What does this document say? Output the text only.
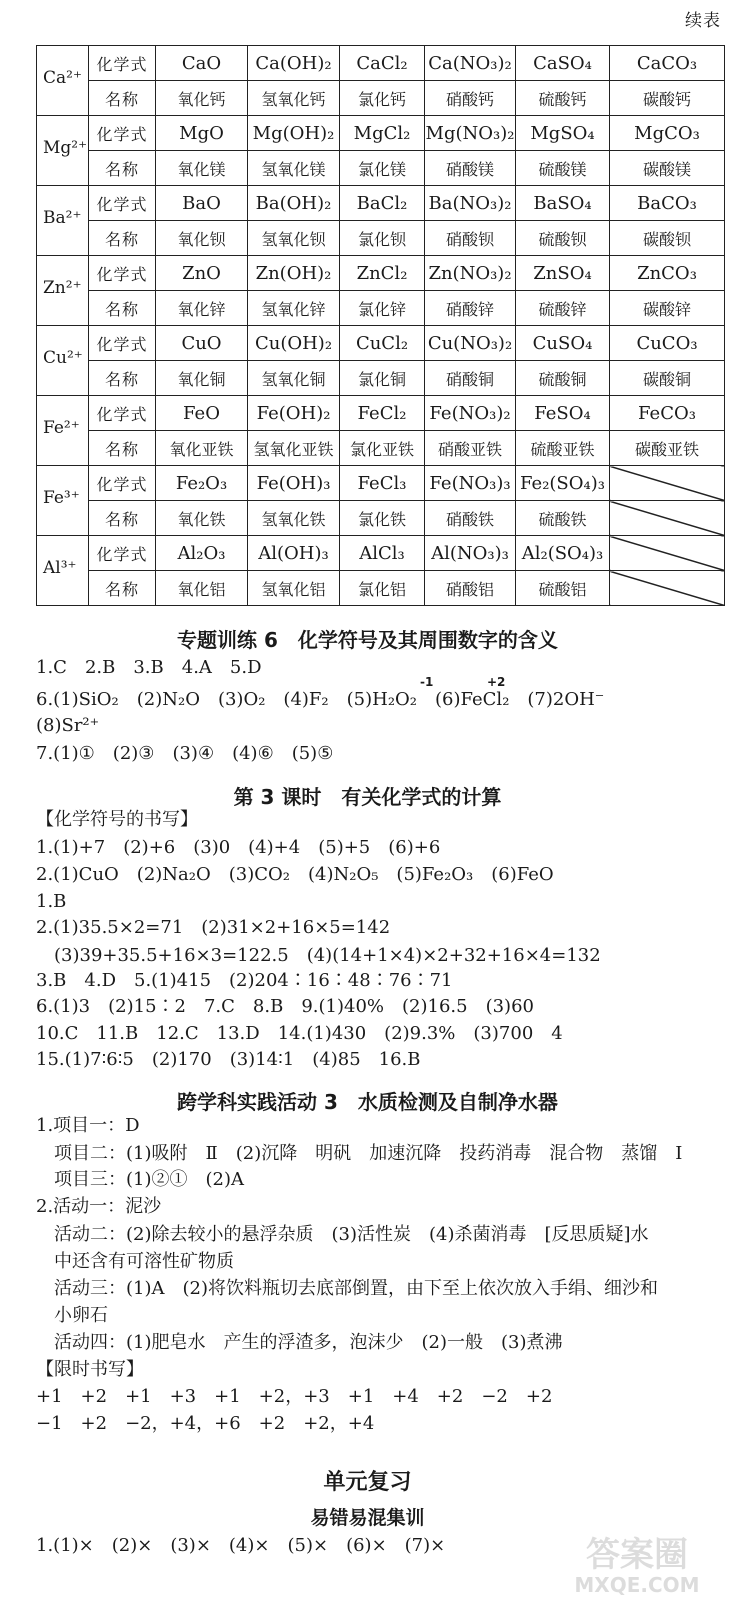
续表
Ca²⁺	化学式	CaO	Ca(OH)₂	CaCl₂	Ca(NO₃)₂	CaSO₄	CaCO₃
	名称	氧化钙	氢氧化钙	氯化钙	硝酸钙	硫酸钙	碳酸钙
Mg²⁺	化学式	MgO	Mg(OH)₂	MgCl₂	Mg(NO₃)₂	MgSO₄	MgCO₃
	名称	氧化镁	氢氧化镁	氯化镁	硝酸镁	硫酸镁	碳酸镁
Ba²⁺	化学式	BaO	Ba(OH)₂	BaCl₂	Ba(NO₃)₂	BaSO₄	BaCO₃
	名称	氧化钡	氢氧化钡	氯化钡	硝酸钡	硫酸钡	碳酸钡
Zn²⁺	化学式	ZnO	Zn(OH)₂	ZnCl₂	Zn(NO₃)₂	ZnSO₄	ZnCO₃
	名称	氧化锌	氢氧化锌	氯化锌	硝酸锌	硫酸锌	碳酸锌
Cu²⁺	化学式	CuO	Cu(OH)₂	CuCl₂	Cu(NO₃)₂	CuSO₄	CuCO₃
	名称	氧化铜	氢氧化铜	氯化铜	硝酸铜	硫酸铜	碳酸铜
Fe²⁺	化学式	FeO	Fe(OH)₂	FeCl₂	Fe(NO₃)₂	FeSO₄	FeCO₃
	名称	氧化亚铁	氢氧化亚铁	氯化亚铁	硝酸亚铁	硫酸亚铁	碳酸亚铁
Fe³⁺	化学式	Fe₂O₃	Fe(OH)₃	FeCl₃	Fe(NO₃)₃	Fe₂(SO₄)₃	
	名称	氧化铁	氢氧化铁	氯化铁	硝酸铁	硫酸铁	
Al³⁺	化学式	Al₂O₃	Al(OH)₃	AlCl₃	Al(NO₃)₃	Al₂(SO₄)₃	
	名称	氧化铝	氢氧化铝	氯化铝	硝酸铝	硫酸铝	
专题训练 6　化学符号及其周围数字的含义
1.C　2.B　3.B　4.A　5.D
6.(1)SiO₂　(2)N₂O　(3)O₂　(4)F₂　(5)H₂O₂　(6)FeCl₂　(7)2OH⁻
-1	+2
(8)Sr²⁺
7.(1)①　(2)③　(3)④　(4)⑥　(5)⑤
第 3 课时　有关化学式的计算
【化学符号的书写】
1.(1)+7　(2)+6　(3)0　(4)+4　(5)+5　(6)+6
2.(1)CuO　(2)Na₂O　(3)CO₂　(4)N₂O₅　(5)Fe₂O₃　(6)FeO
1.B
2.(1)35.5×2=71　(2)31×2+16×5=142
(3)39+35.5+16×3=122.5　(4)(14+1×4)×2+32+16×4=132
3.B　4.D　5.(1)415　(2)204∶16∶48∶76∶71
6.(1)3　(2)15∶2　7.C　8.B　9.(1)40%　(2)16.5　(3)60
10.C　11.B　12.C　13.D　14.(1)430　(2)9.3%　(3)700　4
15.(1)7∶6∶5　(2)170　(3)14∶1　(4)85　16.B
跨学科实践活动 3　水质检测及自制净水器
1.项目一：D
项目二：(1)吸附　Ⅱ　(2)沉降　明矾　加速沉降　投药消毒　混合物　蒸馏　Ⅰ
项目三：(1)②①　(2)A
2.活动一：泥沙
活动二：(2)除去较小的悬浮杂质　(3)活性炭　(4)杀菌消毒　[反思质疑]水
中还含有可溶性矿物质
活动三：(1)A　(2)将饮料瓶切去底部倒置，由下至上依次放入手绢、细沙和
小卵石
活动四：(1)肥皂水　产生的浮渣多，泡沫少　(2)一般　(3)煮沸
【限时书写】
+1　+2　+1　+3　+1　+2，+3　+1　+4　+2　−2　+2
−1　+2　−2，+4，+6　+2　+2，+4
单元复习
易错易混集训
1.(1)×　(2)×　(3)×　(4)×　(5)×　(6)×　(7)×	答案圈
MXQE.COM
